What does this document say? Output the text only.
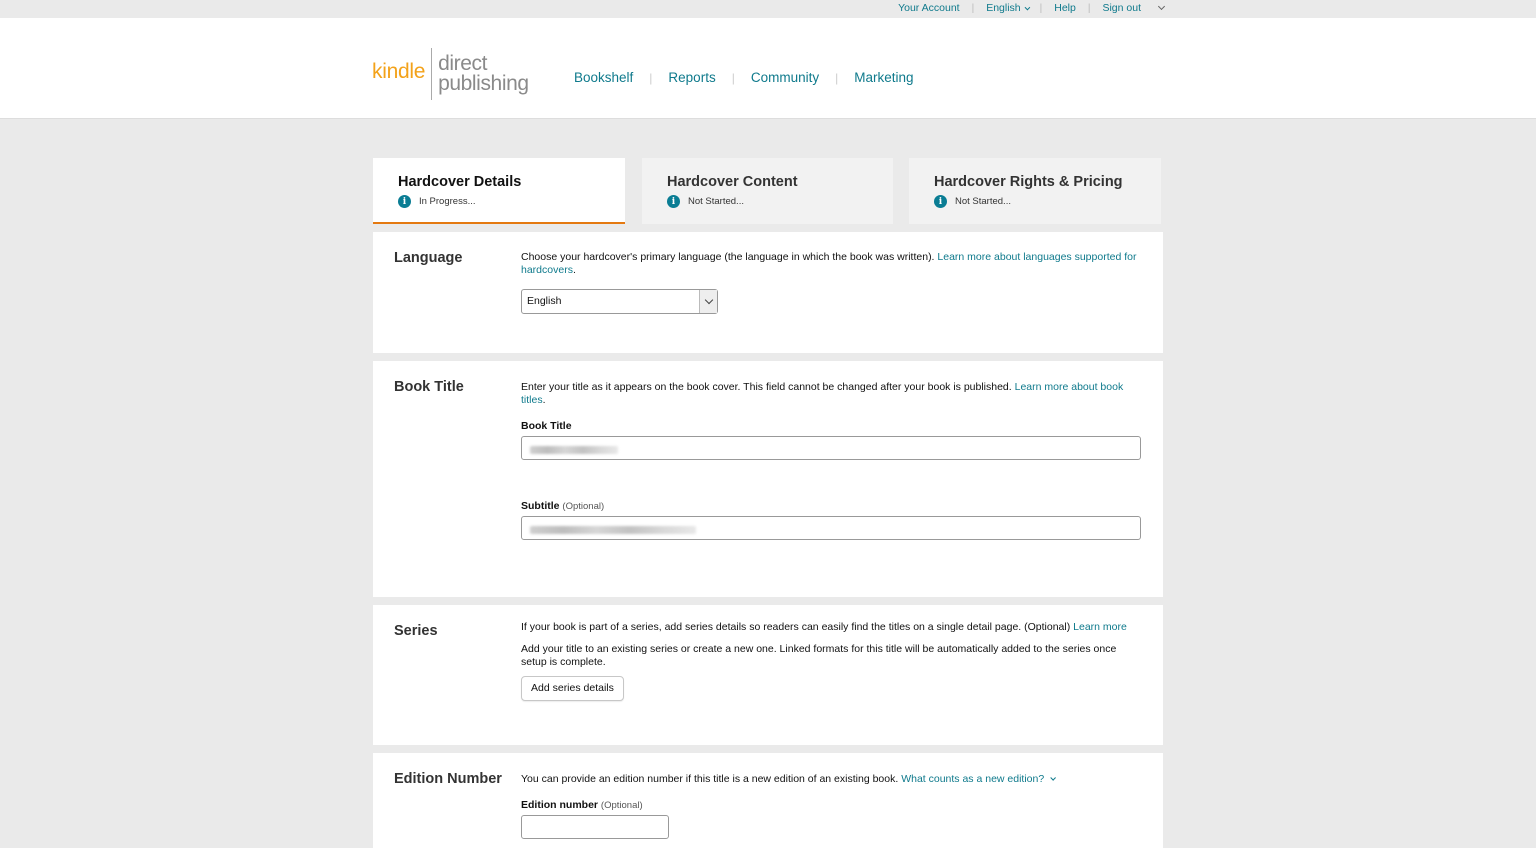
Your Account	|	English	|	Help	|	Sign out
kindle direct
publishing	Bookshelf | Reports | Community | Marketing
Hardcover Details
i	In Progress...
Hardcover Content
i	Not Started...
Hardcover Rights & Pricing
i	Not Started...
Language	Choose your hardcover's primary language (the language in which the book was written). Learn more about languages supported for hardcovers.

English
Book Title	Enter your title as it appears on the book cover. This field cannot be changed after your book is published. Learn more about book titles.

Book Title
Subtitle (Optional)
Series	If your book is part of a series, add series details so readers can easily find the titles on a single detail page. (Optional) Learn more

Add your title to an existing series or create a new one. Linked formats for this title will be automatically added to the series once setup is complete.

Add series details
Edition Number You can provide an edition number if this title is a new edition of an existing book. What counts as a new edition?

Edition number (Optional)
